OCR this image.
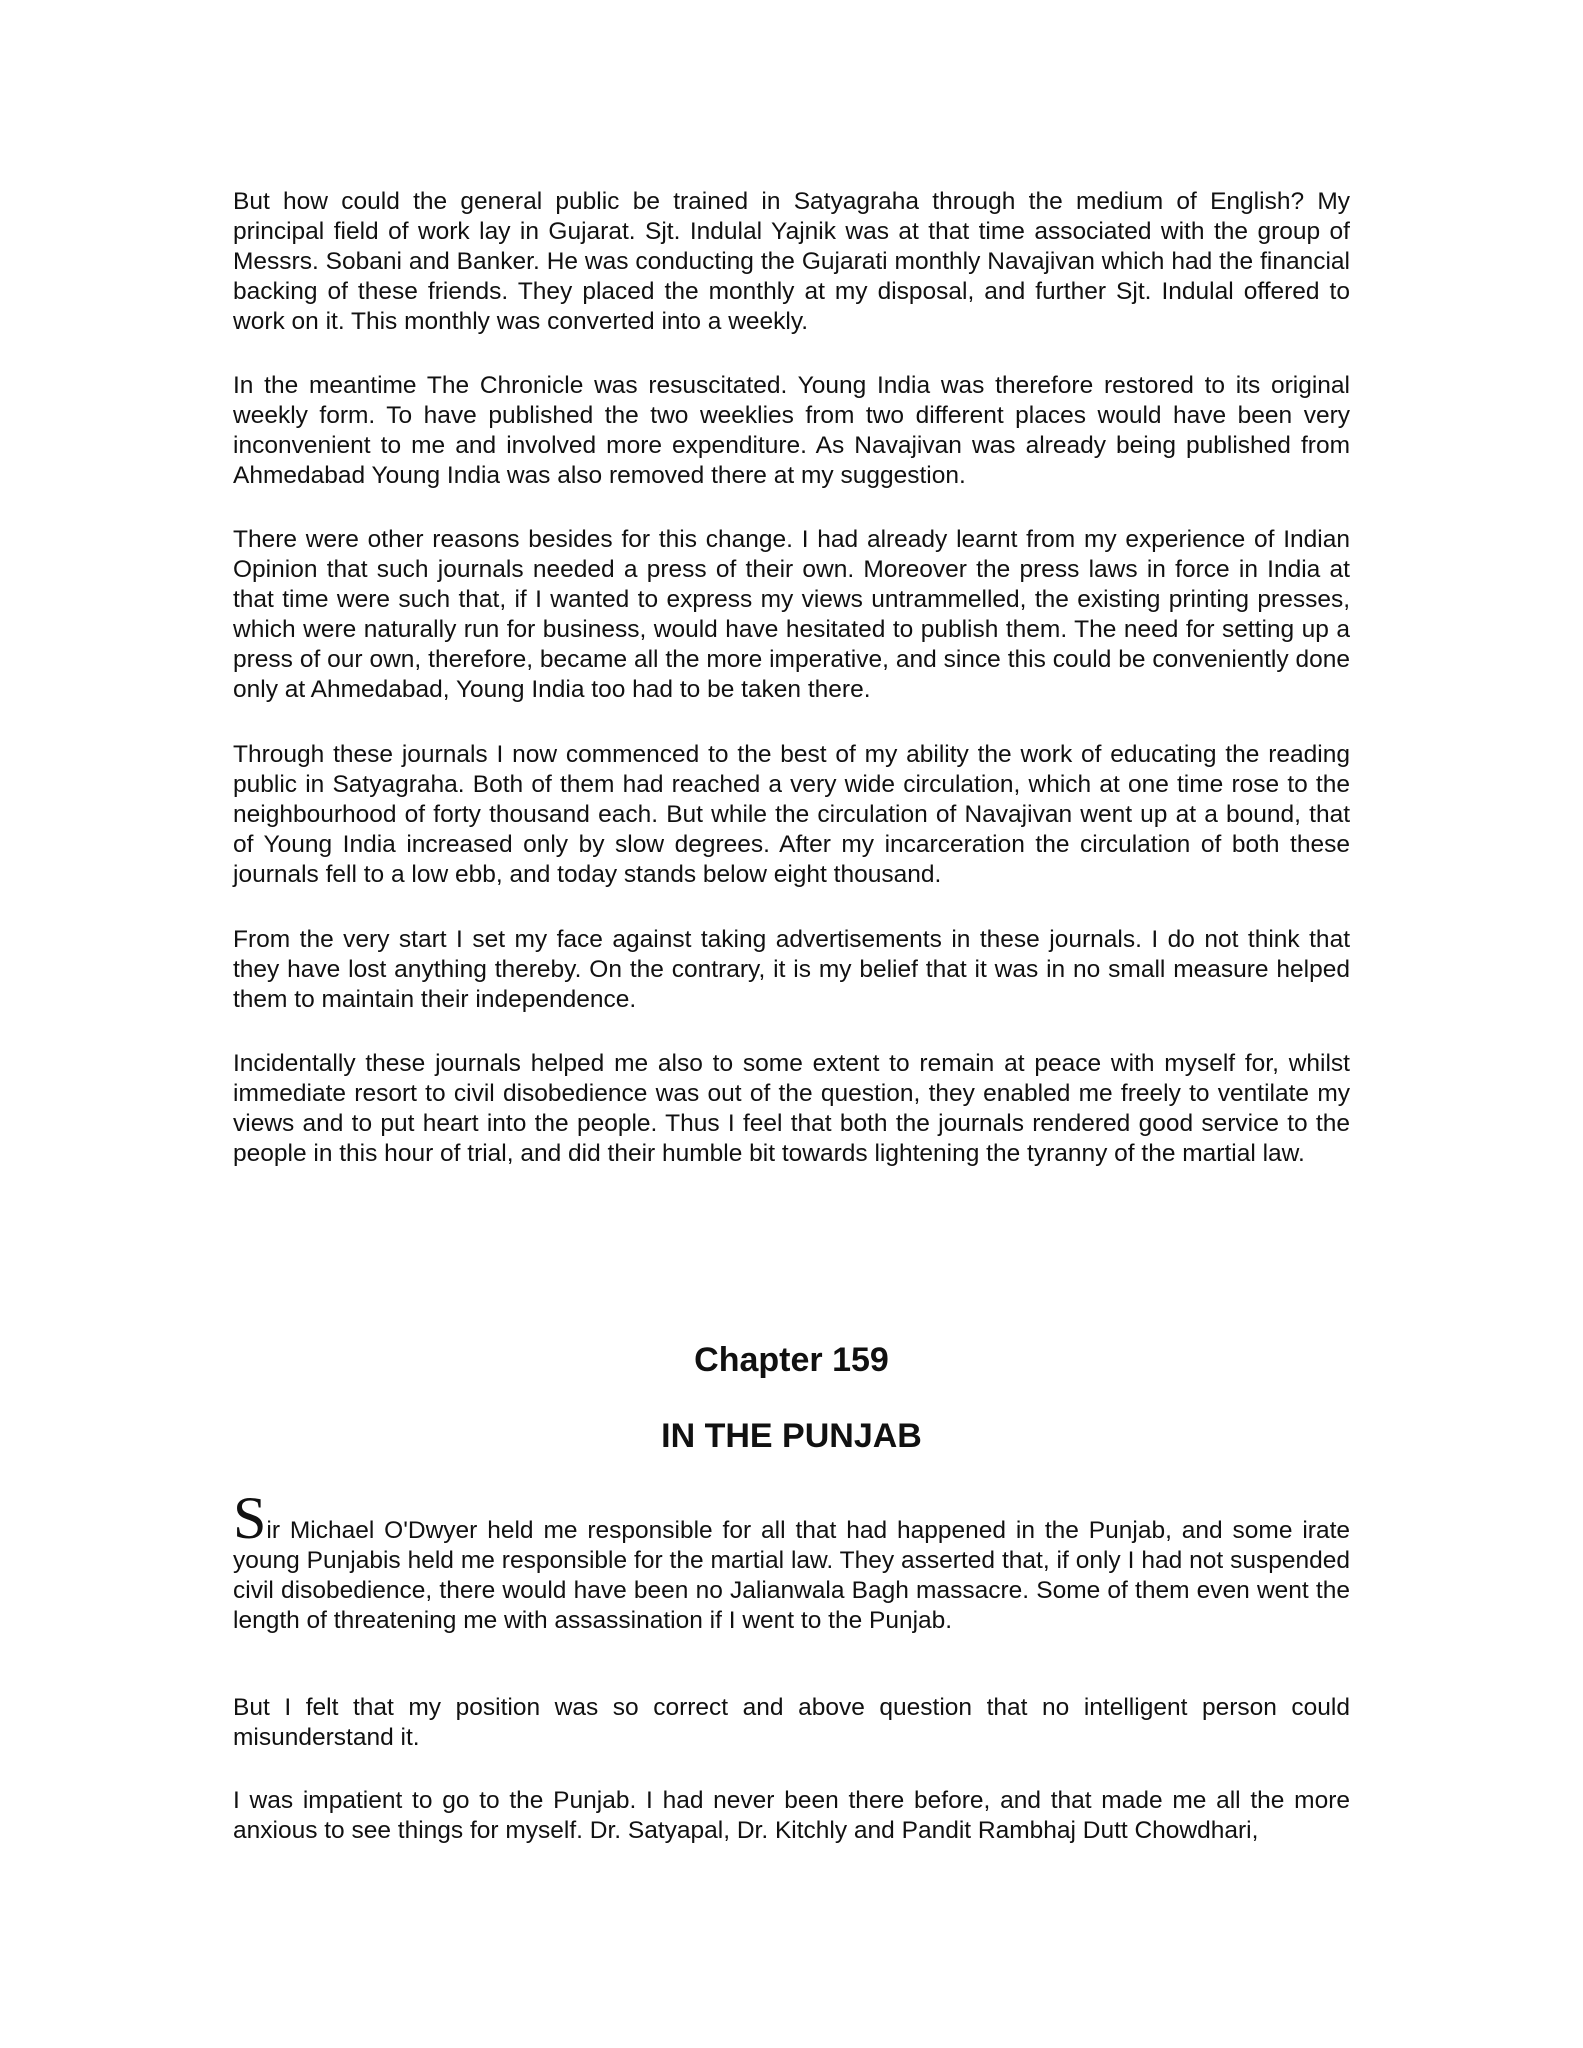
But how could the general public be trained in Satyagraha through the medium of English? My principal field of work lay in Gujarat. Sjt. Indulal Yajnik was at that time associated with the group of Messrs. Sobani and Banker. He was conducting the Gujarati monthly Navajivan which had the financial backing of these friends. They placed the monthly at my disposal, and further Sjt. Indulal offered to work on it. This monthly was converted into a weekly.

In the meantime The Chronicle was resuscitated. Young India was therefore restored to its original weekly form. To have published the two weeklies from two different places would have been very inconvenient to me and involved more expenditure. As Navajivan was already being published from Ahmedabad Young India was also removed there at my suggestion.

There were other reasons besides for this change. I had already learnt from my experience of Indian Opinion that such journals needed a press of their own. Moreover the press laws in force in India at that time were such that, if I wanted to express my views untrammelled, the existing printing presses, which were naturally run for business, would have hesitated to publish them. The need for setting up a press of our own, therefore, became all the more imperative, and since this could be conveniently done only at Ahmedabad, Young India too had to be taken there.

Through these journals I now commenced to the best of my ability the work of educating the reading public in Satyagraha. Both of them had reached a very wide circulation, which at one time rose to the neighbourhood of forty thousand each. But while the circulation of Navajivan went up at a bound, that of Young India increased only by slow degrees. After my incarceration the circulation of both these journals fell to a low ebb, and today stands below eight thousand.

From the very start I set my face against taking advertisements in these journals. I do not think that they have lost anything thereby. On the contrary, it is my belief that it was in no small measure helped them to maintain their independence.

Incidentally these journals helped me also to some extent to remain at peace with myself for, whilst immediate resort to civil disobedience was out of the question, they enabled me freely to ventilate my views and to put heart into the people. Thus I feel that both the journals rendered good service to the people in this hour of trial, and did their humble bit towards lightening the tyranny of the martial law.

Chapter 159
IN THE PUNJAB

Sir Michael O'Dwyer held me responsible for all that had happened in the Punjab, and some irate young Punjabis held me responsible for the martial law. They asserted that, if only I had not suspended civil disobedience, there would have been no Jalianwala Bagh massacre. Some of them even went the length of threatening me with assassination if I went to the Punjab.

But I felt that my position was so correct and above question that no intelligent person could misunderstand it.

I was impatient to go to the Punjab. I had never been there before, and that made me all the more anxious to see things for myself. Dr. Satyapal, Dr. Kitchly and Pandit Rambhaj Dutt Chowdhari,
